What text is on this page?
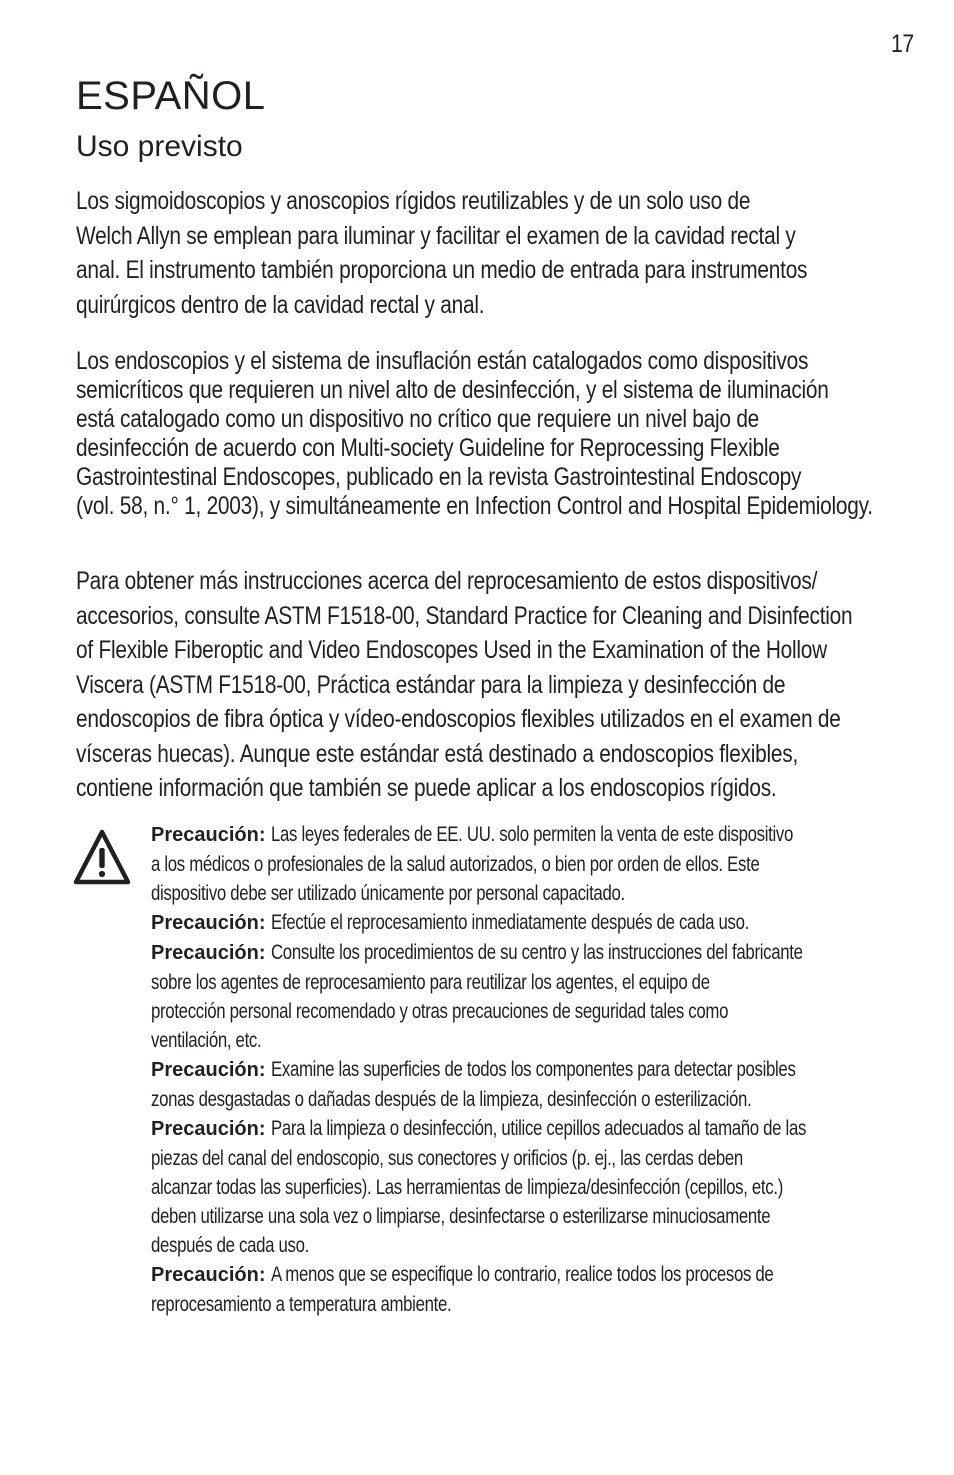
17
ESPAÑOL
Uso previsto

Los sigmoidoscopios y anoscopios rígidos reutilizables y de un solo uso de
Welch Allyn se emplean para iluminar y facilitar el examen de la cavidad rectal y
anal. El instrumento también proporciona un medio de entrada para instrumentos
quirúrgicos dentro de la cavidad rectal y anal.

Los endoscopios y el sistema de insuflación están catalogados como dispositivos
semicríticos que requieren un nivel alto de desinfección, y el sistema de iluminación
está catalogado como un dispositivo no crítico que requiere un nivel bajo de
desinfección de acuerdo con Multi-society Guideline for Reprocessing Flexible
Gastrointestinal Endoscopes, publicado en la revista Gastrointestinal Endoscopy
(vol. 58, n.° 1, 2003), y simultáneamente en Infection Control and Hospital Epidemiology.

Para obtener más instrucciones acerca del reprocesamiento de estos dispositivos/
accesorios, consulte ASTM F1518-00, Standard Practice for Cleaning and Disinfection
of Flexible Fiberoptic and Video Endoscopes Used in the Examination of the Hollow
Viscera (ASTM F1518-00, Práctica estándar para la limpieza y desinfección de
endoscopios de fibra óptica y vídeo-endoscopios flexibles utilizados en el examen de
vísceras huecas). Aunque este estándar está destinado a endoscopios flexibles,
contiene información que también se puede aplicar a los endoscopios rígidos.

Precaución: Las leyes federales de EE. UU. solo permiten la venta de este dispositivo
a los médicos o profesionales de la salud autorizados, o bien por orden de ellos. Este
dispositivo debe ser utilizado únicamente por personal capacitado.
Precaución: Efectúe el reprocesamiento inmediatamente después de cada uso.
Precaución: Consulte los procedimientos de su centro y las instrucciones del fabricante
sobre los agentes de reprocesamiento para reutilizar los agentes, el equipo de
protección personal recomendado y otras precauciones de seguridad tales como
ventilación, etc.
Precaución: Examine las superficies de todos los componentes para detectar posibles
zonas desgastadas o dañadas después de la limpieza, desinfección o esterilización.
Precaución: Para la limpieza o desinfección, utilice cepillos adecuados al tamaño de las
piezas del canal del endoscopio, sus conectores y orificios (p. ej., las cerdas deben
alcanzar todas las superficies). Las herramientas de limpieza/desinfección (cepillos, etc.)
deben utilizarse una sola vez o limpiarse, desinfectarse o esterilizarse minuciosamente
después de cada uso.
Precaución: A menos que se especifique lo contrario, realice todos los procesos de
reprocesamiento a temperatura ambiente.
